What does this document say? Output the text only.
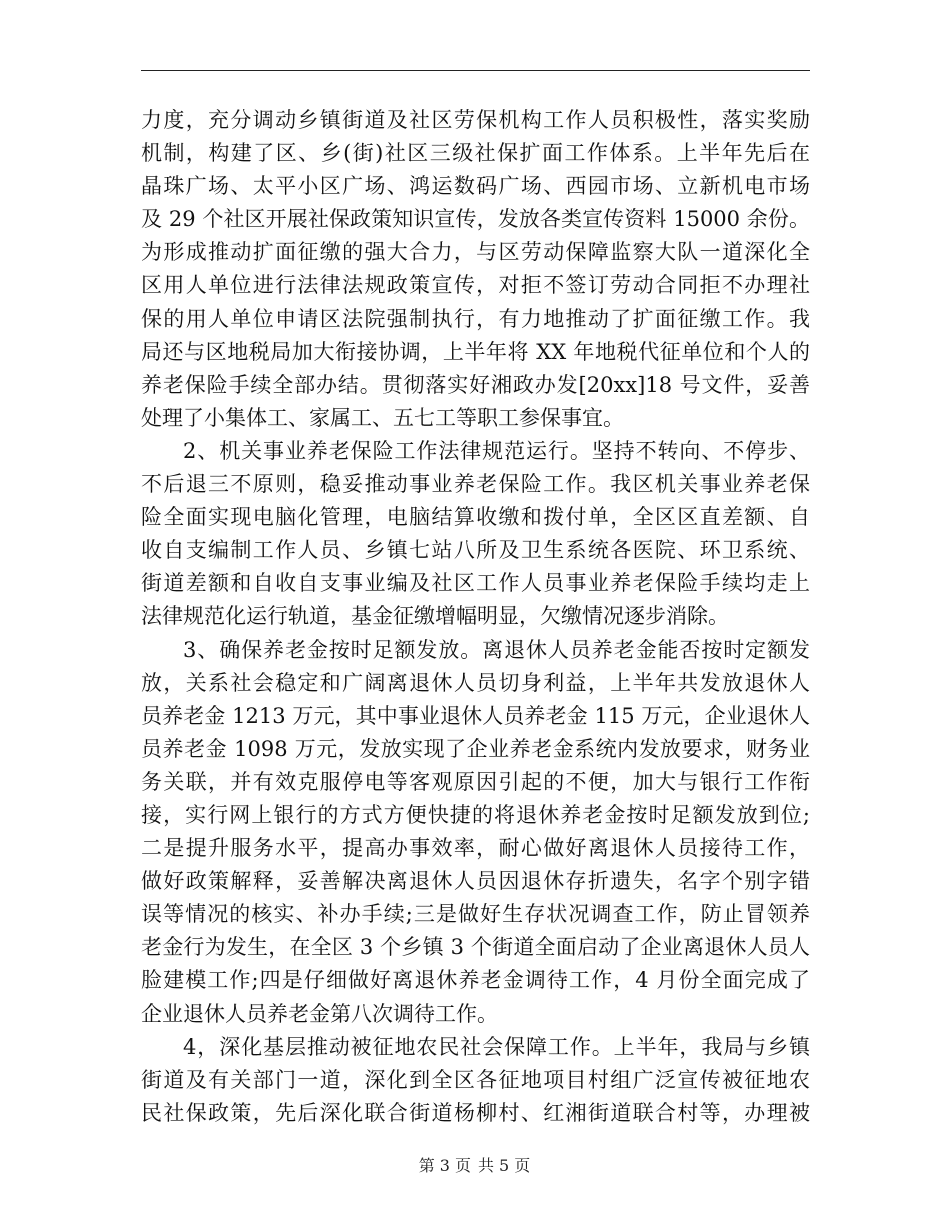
力度，充分调动乡镇街道及社区劳保机构工作人员积极性，落实奖励
机制，构建了区、乡(街)社区三级社保扩面工作体系。上半年先后在
晶珠广场、太平小区广场、鸿运数码广场、西园市场、立新机电市场
及 29 个社区开展社保政策知识宣传，发放各类宣传资料 15000 余份。
为形成推动扩面征缴的强大合力，与区劳动保障监察大队一道深化全
区用人单位进行法律法规政策宣传，对拒不签订劳动合同拒不办理社
保的用人单位申请区法院强制执行，有力地推动了扩面征缴工作。我
局还与区地税局加大衔接协调，上半年将 XX 年地税代征单位和个人的
养老保险手续全部办结。贯彻落实好湘政办发[20xx]18 号文件，妥善
处理了小集体工、家属工、五七工等职工参保事宜。
2、机关事业养老保险工作法律规范运行。坚持不转向、不停步、
不后退三不原则，稳妥推动事业养老保险工作。我区机关事业养老保
险全面实现电脑化管理，电脑结算收缴和拨付单，全区区直差额、自
收自支编制工作人员、乡镇七站八所及卫生系统各医院、环卫系统、
街道差额和自收自支事业编及社区工作人员事业养老保险手续均走上
法律规范化运行轨道，基金征缴增幅明显，欠缴情况逐步消除。
3、确保养老金按时足额发放。离退休人员养老金能否按时定额发
放，关系社会稳定和广阔离退休人员切身利益，上半年共发放退休人
员养老金 1213 万元，其中事业退休人员养老金 115 万元，企业退休人
员养老金 1098 万元，发放实现了企业养老金系统内发放要求，财务业
务关联，并有效克服停电等客观原因引起的不便，加大与银行工作衔
接，实行网上银行的方式方便快捷的将退休养老金按时足额发放到位;
二是提升服务水平，提高办事效率，耐心做好离退休人员接待工作，
做好政策解释，妥善解决离退休人员因退休存折遗失，名字个别字错
误等情况的核实、补办手续;三是做好生存状况调查工作，防止冒领养
老金行为发生，在全区 3 个乡镇 3 个街道全面启动了企业离退休人员人
脸建模工作;四是仔细做好离退休养老金调待工作，4 月份全面完成了
企业退休人员养老金第八次调待工作。
4，深化基层推动被征地农民社会保障工作。上半年，我局与乡镇
街道及有关部门一道，深化到全区各征地项目村组广泛宣传被征地农
民社保政策，先后深化联合街道杨柳村、红湘街道联合村等，办理被
第 3 页 共 5 页
